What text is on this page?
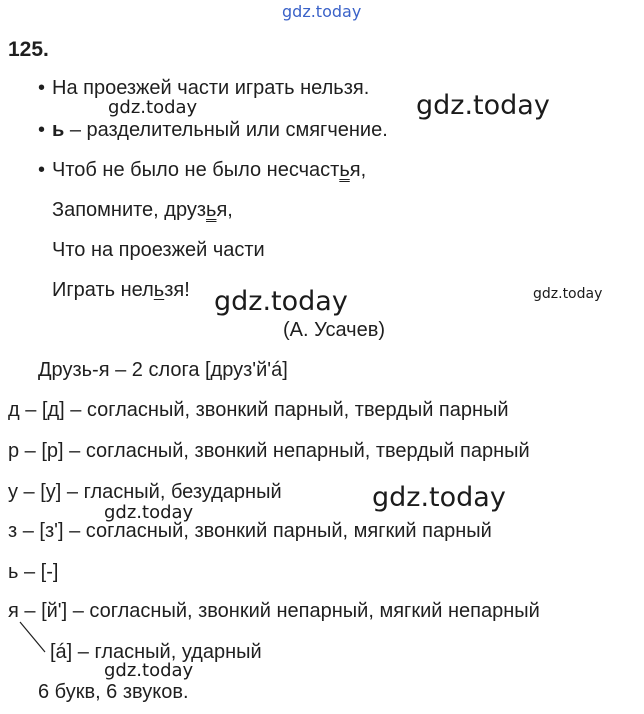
gdz.today
125.
• На проезжей части играть нельзя.
• ь – разделительный или смягчение.
• Чтоб не было не было несчастья,
Запомните, друзья,
Что на проезжей части
Играть нельзя!
(А. Усачев)
Друзь-я – 2 слога [друз'й'á]
д – [д] – согласный, звонкий парный, твердый парный
р – [р] – согласный, звонкий непарный, твердый парный
у – [у] – гласный, безударный
з – [з'] – согласный, звонкий парный, мягкий парный
ь – [-]
я – [й'] – согласный, звонкий непарный, мягкий непарный
[á] – гласный, ударный
6 букв, 6 звуков.
gdz.today	gdz.today
gdz.today	gdz.today
gdz.today
gdz.today
gdz.today
